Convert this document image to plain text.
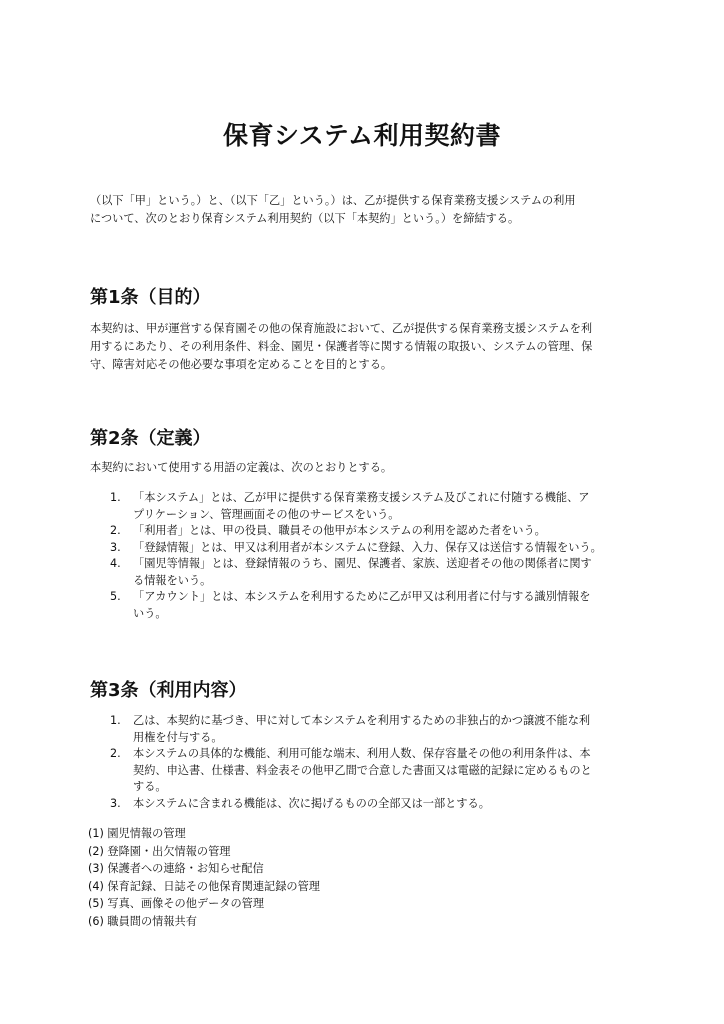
保育システム利用契約書

（以下「甲」という。）と、（以下「乙」という。）は、乙が提供する保育業務支援システムの利用

について、次のとおり保育システム利用契約（以下「本契約」という。）を締結する。

第1条（目的）

本契約は、甲が運営する保育園その他の保育施設において、乙が提供する保育業務支援システムを利

用するにあたり、その利用条件、料金、園児・保護者等に関する情報の取扱い、システムの管理、保

守、障害対応その他必要な事項を定めることを目的とする。

第2条（定義）

本契約において使用する用語の定義は、次のとおりとする。

1. 「本システム」とは、乙が甲に提供する保育業務支援システム及びこれに付随する機能、ア
プリケーション、管理画面その他のサービスをいう。
2. 「利用者」とは、甲の役員、職員その他甲が本システムの利用を認めた者をいう。
3. 「登録情報」とは、甲又は利用者が本システムに登録、入力、保存又は送信する情報をいう。
4. 「園児等情報」とは、登録情報のうち、園児、保護者、家族、送迎者その他の関係者に関す
る情報をいう。
5. 「アカウント」とは、本システムを利用するために乙が甲又は利用者に付与する識別情報を
いう。
第3条（利用内容）
1. 乙は、本契約に基づき、甲に対して本システムを利用するための非独占的かつ譲渡不能な利
用権を付与する。
2. 本システムの具体的な機能、利用可能な端末、利用人数、保存容量その他の利用条件は、本
契約、申込書、仕様書、料金表その他甲乙間で合意した書面又は電磁的記録に定めるものと
する。
3. 本システムに含まれる機能は、次に掲げるものの全部又は一部とする。
(1) 園児情報の管理
(2) 登降園・出欠情報の管理
(3) 保護者への連絡・お知らせ配信
(4) 保育記録、日誌その他保育関連記録の管理
(5) 写真、画像その他データの管理
(6) 職員間の情報共有
